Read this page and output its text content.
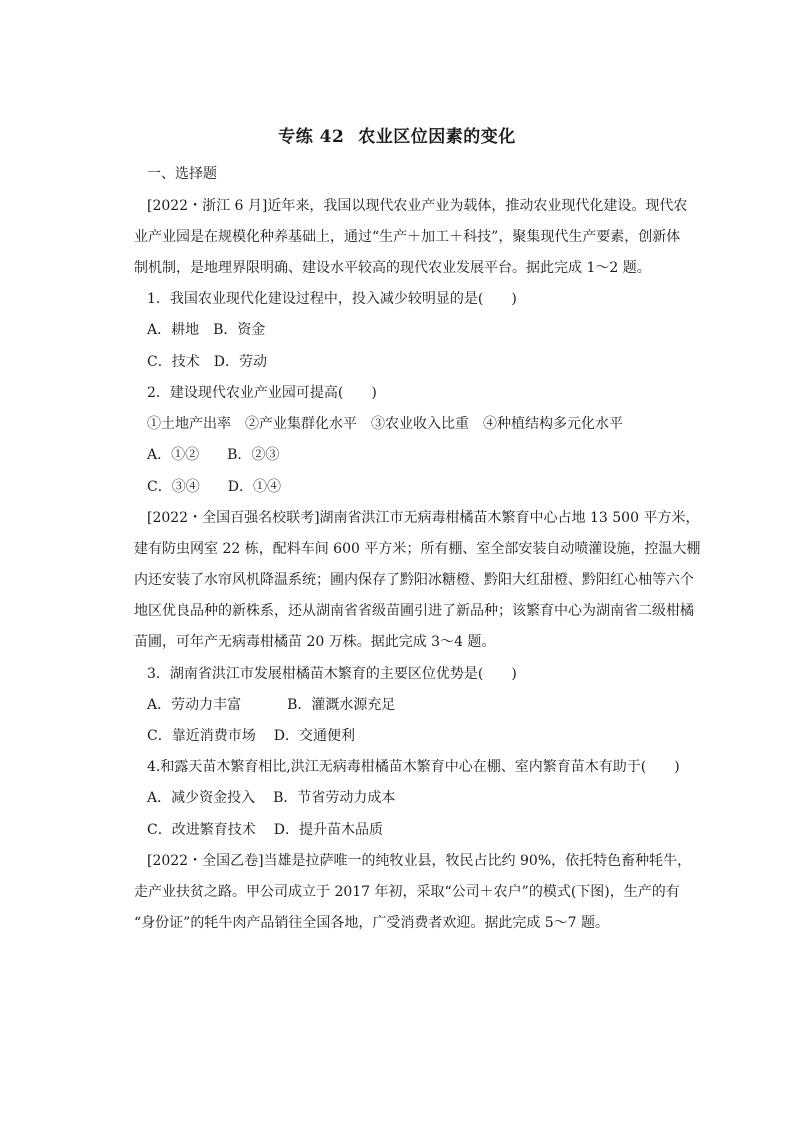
专练 42 农业区位因素的变化
一、选择题
[2022・浙江 6 月]近年来，我国以现代农业产业为载体，推动农业现代化建设。现代农
业产业园是在规模化种养基础上，通过“生产＋加工＋科技”，聚集现代生产要素，创新体
制机制，是地理界限明确、建设水平较高的现代农业发展平台。据此完成 1～2 题。
1．我国农业现代化建设过程中，投入减少较明显的是(　　)
A．耕地 B．资金
C．技术 D．劳动
2．建设现代农业产业园可提高(　　)
①土地产出率　②产业集群化水平　③农业收入比重　④种植结构多元化水平
A．①② B．②③
C．③④ D．①④
[2022・全国百强名校联考]湖南省洪江市无病毒柑橘苗木繁育中心占地 13 500 平方米，
建有防虫网室 22 栋，配料车间 600 平方米；所有棚、室全部安装自动喷灌设施，控温大棚
内还安装了水帘风机降温系统；圃内保存了黔阳冰糖橙、黔阳大红甜橙、黔阳红心柚等六个
地区优良品种的新株系，还从湖南省省级苗圃引进了新品种；该繁育中心为湖南省二级柑橘
苗圃，可年产无病毒柑橘苗 20 万株。据此完成 3～4 题。
3．湖南省洪江市发展柑橘苗木繁育的主要区位优势是(　　)
A．劳动力丰富	B．灌溉水源充足
C．靠近消费市场 D．交通便利
4.和露天苗木繁育相比,洪江无病毒柑橘苗木繁育中心在棚、室内繁育苗木有助于(　　)
A．减少资金投入 B．节省劳动力成本
C．改进繁育技术 D．提升苗木品质
[2022・全国乙卷]当雄是拉萨唯一的纯牧业县，牧民占比约 90%，依托特色畜种牦牛，
走产业扶贫之路。甲公司成立于 2017 年初，采取“公司＋农户”的模式(下图)，生产的有
“身份证”的牦牛肉产品销往全国各地，广受消费者欢迎。据此完成 5～7 题。
